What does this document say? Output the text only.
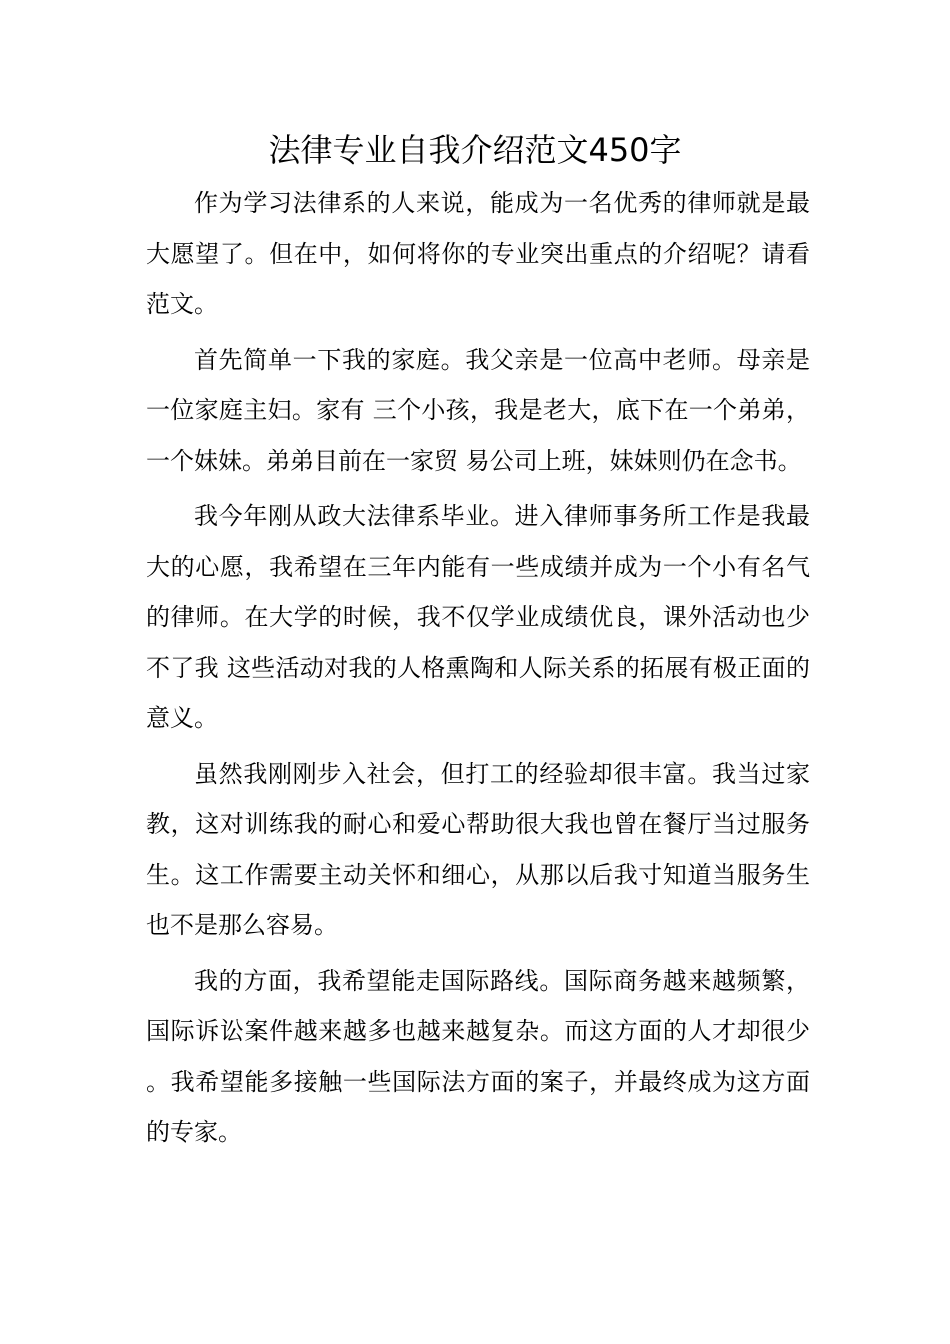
法律专业自我介绍范文450字

作为学习法律系的人来说，能成为一名优秀的律师就是最大愿望了。但在中，如何将你的专业突出重点的介绍呢？请看范文。

首先简单一下我的家庭。我父亲是一位高中老师。母亲是一位家庭主妇。家有 三个小孩，我是老大，底下在一个弟弟，一个妹妹。弟弟目前在一家贸 易公司上班，妹妹则仍在念书。

我今年刚从政大法律系毕业。进入律师事务所工作是我最大的心愿，我希望在三年内能有一些成绩并成为一个小有名气的律师。在大学的时候，我不仅学业成绩优良，课外活动也少不了我 这些活动对我的人格熏陶和人际关系的拓展有极正面的意义。

虽然我刚刚步入社会，但打工的经验却很丰富。我当过家教，这对训练我的耐心和爱心帮助很大我也曾在餐厅当过服务生。这工作需要主动关怀和细心，从那以后我寸知道当服务生也不是那么容易。

我的方面，我希望能走国际路线。国际商务越来越频繁，国际诉讼案件越来越多也越来越复杂。而这方面的人才却很少。我希望能多接触一些国际法方面的案子，并最终成为这方面的专家。
